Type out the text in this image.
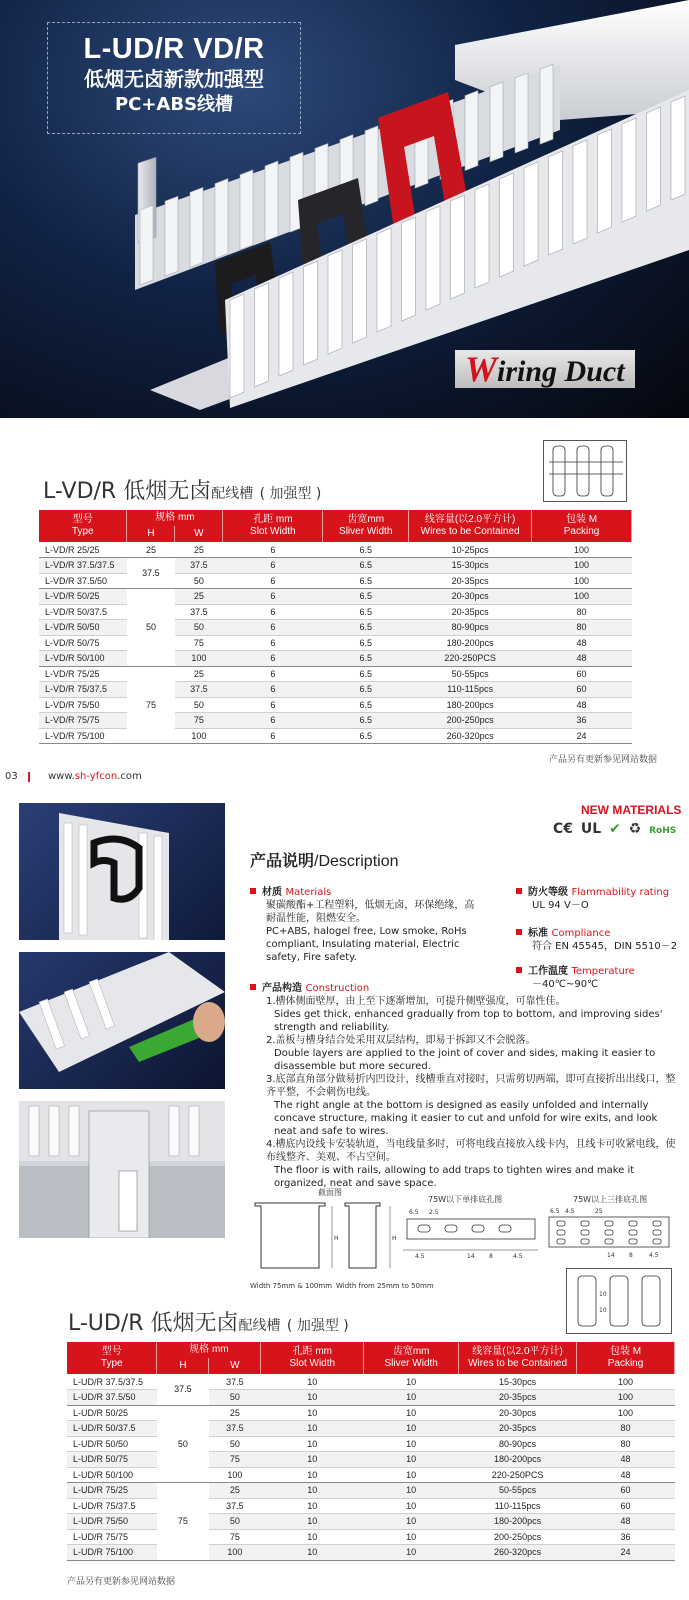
L-UD/R VD/R
低烟无卤新款加强型
PC+ABS线槽
Wiring Duct
L-VD/R 低烟无卤配线槽 ( 加强型 )
型号
Type	规格 mm		孔距 mm
Slot Width	齿宽mm
Sliver Width	线容量(以2.0平方计)
Wires to be Contained	包装 M
Packing
	H	W				
L-VD/R 25/25	25	25	6	6.5	10-25pcs	100
L-VD/R 37.5/37.5	37.5	37.5	6	6.5	15-30pcs	100
L-VD/R 37.5/50		50	6	6.5	20-35pcs	100
L-VD/R 50/25	50	25	6	6.5	20-30pcs	100
L-VD/R 50/37.5		37.5	6	6.5	20-35pcs	80
L-VD/R 50/50		50	6	6.5	80-90pcs	80
L-VD/R 50/75		75	6	6.5	180-200pcs	48
L-VD/R 50/100		100	6	6.5	220-250PCS	48
L-VD/R 75/25	75	25	6	6.5	50-55pcs	60
L-VD/R 75/37.5		37.5	6	6.5	110-115pcs	60
L-VD/R 75/50		50	6	6.5	180-200pcs	48
L-VD/R 75/75		75	6	6.5	200-250pcs	36
L-VD/R 75/100		100	6	6.5	260-320pcs	24
产品另有更新参见网站数据
03	www.sh-yfcon.com
NEW MATERIALS
C€ UL ✔ ♻ RoHS
产品说明/Description
材质 Materials
聚碳酸酯+工程塑料，低烟无卤，环保绝缘，高耐温性能，阻燃安全。
PC+ABS, halogel free, Low smoke, RoHs compliant, Insulating material, Electric safety, Fire safety.
防火等级 Flammability rating
UL 94 V－O
标准 Compliance
符合 EN 45545，DIN 5510－2
工作温度 Temperature
－40℃~90℃
产品构造 Construction
1.槽体侧面壁厚，由上至下逐渐增加，可提升侧壁强度，可靠性佳。
Sides get thick, enhanced gradually from top to bottom, and improving sides' strength and reliability.
2.盖板与槽身结合处采用双层结构，即易于拆卸又不会脱落。
Double layers are applied to the joint of cover and sides, making it easier to disassemble but more secured.
3.底部直角部分做易折内凹设计，线槽垂直对接时，只需剪切两端，即可直接折出出线口，整齐平整，不会刺伤电线。
The right angle at the bottom is designed as easily unfolded and internally concave structure, making it easier to cut and unfold for wire exits, and look neat and safe to wires.
4.槽底内设线卡安装轨道，当电线量多时，可将电线直接放入线卡内，且线卡可收紧电线，使布线整齐、美观、不占空间。
The floor is with rails, allowing to add traps to tighten wires and make it organized, neat and save space.
截面图
H	H
Width 75mm & 100mm Width from 25mm to 50mm
75W以下单排底孔图
6.5 2.5
4.5	14 8	4.5
75W以上三排底孔图
6.5 4.5	25
14 8	4.5
10
10
L-UD/R 低烟无卤配线槽 ( 加强型 )
型号
Type	规格 mm		孔距 mm
Slot Width	齿宽mm
Sliver Width	线容量(以2.0平方计)
Wires to be Contained	包装 M
Packing
	H	W				
L-UD/R 37.5/37.5	37.5	37.5	10	10	15-30pcs	100
L-UD/R 37.5/50		50	10	10	20-35pcs	100
L-UD/R 50/25	50	25	10	10	20-30pcs	100
L-UD/R 50/37.5		37.5	10	10	20-35pcs	80
L-UD/R 50/50		50	10	10	80-90pcs	80
L-UD/R 50/75		75	10	10	180-200pcs	48
L-UD/R 50/100		100	10	10	220-250PCS	48
L-UD/R 75/25	75	25	10	10	50-55pcs	60
L-UD/R 75/37.5		37.5	10	10	110-115pcs	60
L-UD/R 75/50		50	10	10	180-200pcs	48
L-UD/R 75/75		75	10	10	200-250pcs	36
L-UD/R 75/100		100	10	10	260-320pcs	24
产品另有更新参见网站数据
